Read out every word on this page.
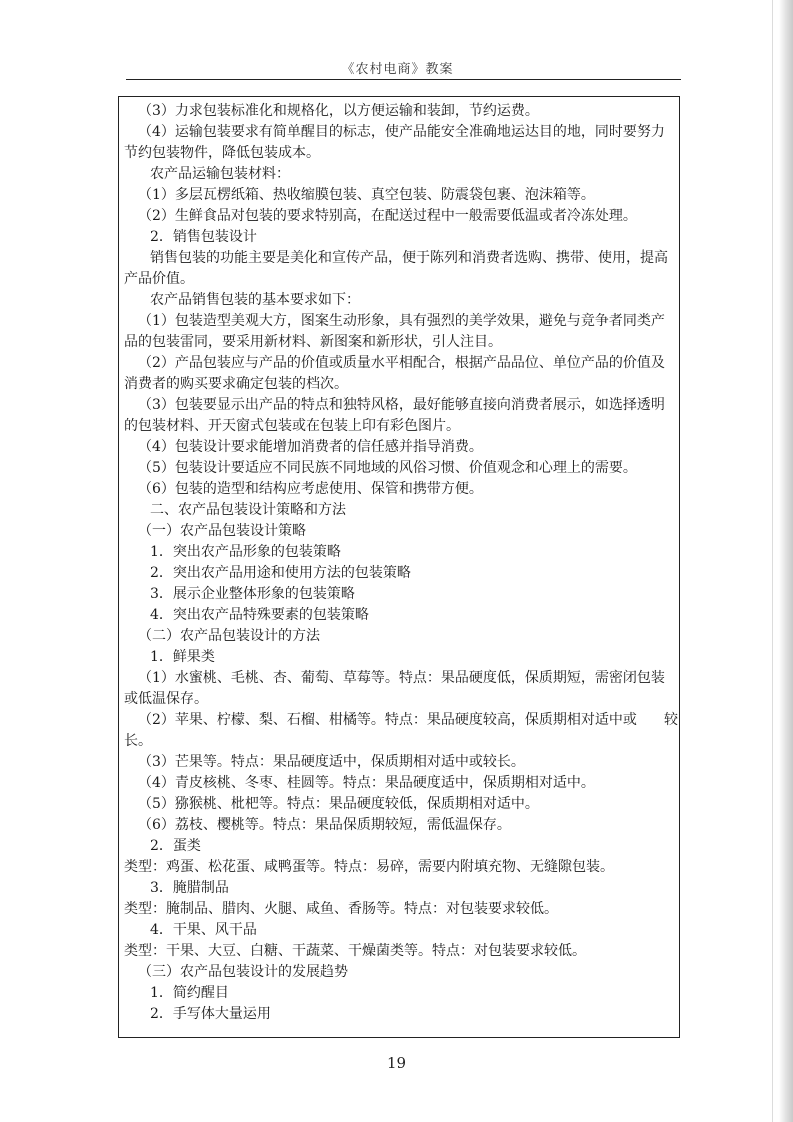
《农村电商》教案
（3）力求包装标准化和规格化，以方便运输和装卸，节约运费。
（4）运输包装要求有简单醒目的标志，使产品能安全准确地运达目的地，同时要努力
节约包装物件，降低包装成本。
农产品运输包装材料：
（1）多层瓦楞纸箱、热收缩膜包装、真空包装、防震袋包裹、泡沫箱等。
（2）生鲜食品对包装的要求特别高，在配送过程中一般需要低温或者冷冻处理。
2．销售包装设计
销售包装的功能主要是美化和宣传产品，便于陈列和消费者选购、携带、使用，提高
产品价值。
农产品销售包装的基本要求如下：
（1）包装造型美观大方，图案生动形象，具有强烈的美学效果，避免与竞争者同类产
品的包装雷同，要采用新材料、新图案和新形状，引人注目。
（2）产品包装应与产品的价值或质量水平相配合，根据产品品位、单位产品的价值及
消费者的购买要求确定包装的档次。
（3）包装要显示出产品的特点和独特风格，最好能够直接向消费者展示，如选择透明
的包装材料、开天窗式包装或在包装上印有彩色图片。
（4）包装设计要求能增加消费者的信任感并指导消费。
（5）包装设计要适应不同民族不同地域的风俗习惯、价值观念和心理上的需要。
（6）包装的造型和结构应考虑使用、保管和携带方便。
二、农产品包装设计策略和方法
（一）农产品包装设计策略
1．突出农产品形象的包装策略
2．突出农产品用途和使用方法的包装策略
3．展示企业整体形象的包装策略
4．突出农产品特殊要素的包装策略
（二）农产品包装设计的方法
1．鲜果类
（1）水蜜桃、毛桃、杏、葡萄、草莓等。特点：果品硬度低，保质期短，需密闭包装
或低温保存。
（2）苹果、柠檬、梨、石榴、柑橘等。特点：果品硬度较高，保质期相对适中或 较
长。
（3）芒果等。特点：果品硬度适中，保质期相对适中或较长。
（4）青皮核桃、冬枣、桂圆等。特点：果品硬度适中，保质期相对适中。
（5）猕猴桃、枇杷等。特点：果品硬度较低，保质期相对适中。
（6）荔枝、樱桃等。特点：果品保质期较短，需低温保存。
2．蛋类
类型：鸡蛋、松花蛋、咸鸭蛋等。特点：易碎，需要内附填充物、无缝隙包装。
3．腌腊制品
类型：腌制品、腊肉、火腿、咸鱼、香肠等。特点：对包装要求较低。
4．干果、风干品
类型：干果、大豆、白糖、干蔬菜、干燥菌类等。特点：对包装要求较低。
（三）农产品包装设计的发展趋势
1．简约醒目
2．手写体大量运用
19
